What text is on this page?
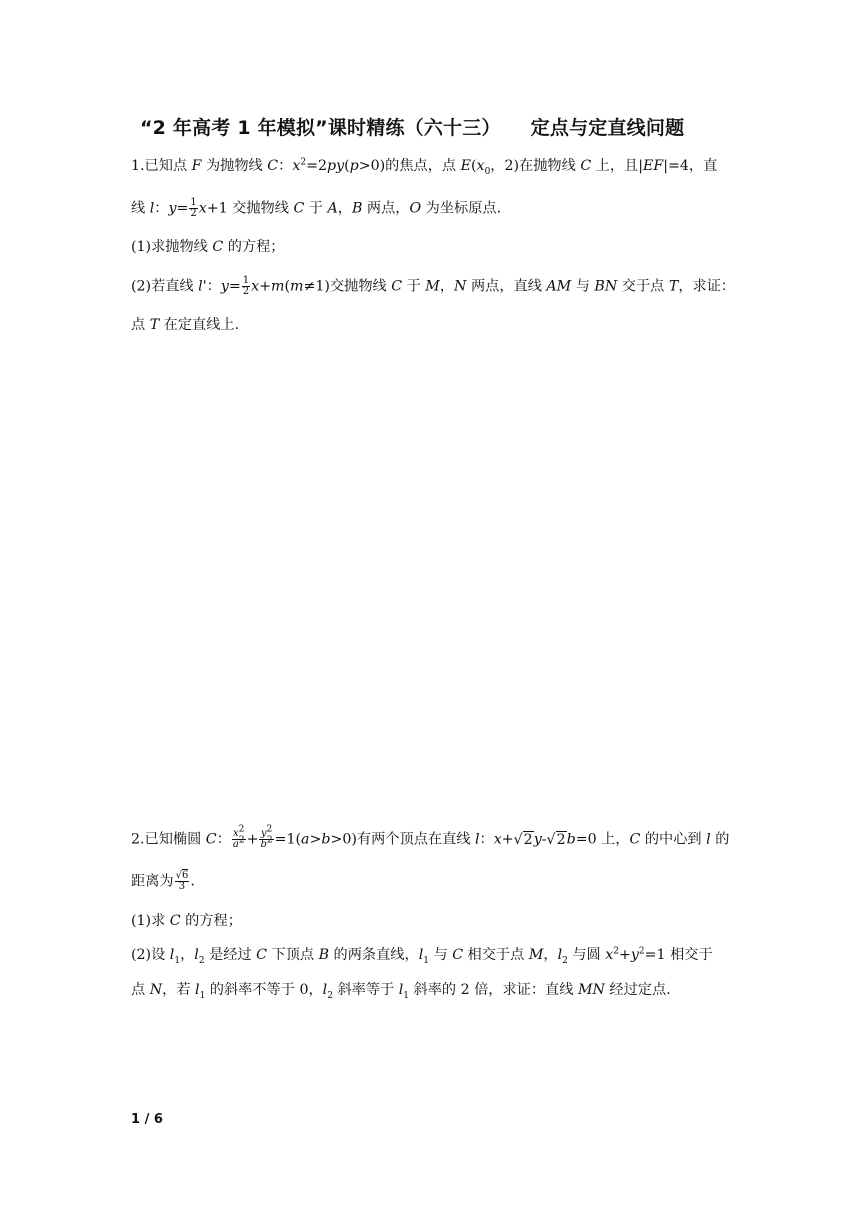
“2 年高考 1 年模拟”课时精练（六十三） 定点与定直线问题
1.已知点 F 为抛物线 C：$x^2=2py(p>0)$的焦点，点 $E(x_0$，2)在抛物线 C 上，且|EF|=4，直
线 l：$y= \frac{1}{2} x+1$ 交抛物线 C 于 A，B 两点，O 为坐标原点.
(1)求抛物线 C 的方程；
(2)若直线 l'：$y= \frac{1}{2} x+m(m\ne 1)$交抛物线 C 于 M，N 两点，直线 AM 与 BN 交于点 T，求证：
点 T 在定直线上.
2.已知椭圆 C： $\frac{x^2}{a^2} + \frac{y^2}{b^2} =1(a>b>0)$有两个顶点在直线 l：x+√2y-√2b=0 上，C 的中心到 l 的
距离为 $\frac{√6}{3}$ .
(1)求 C 的方程；
(2)设 $l_1$，$l_2$ 是经过 C 下顶点 B 的两条直线，$l_1$ 与 C 相交于点 M，$l_2$ 与圆 $x^2+y^2=1$ 相交于
点 N，若 $l_1$ 的斜率不等于 0，$l_2$ 斜率等于 $l_1$ 斜率的 2 倍，求证：直线 MN 经过定点.
1 / 6
